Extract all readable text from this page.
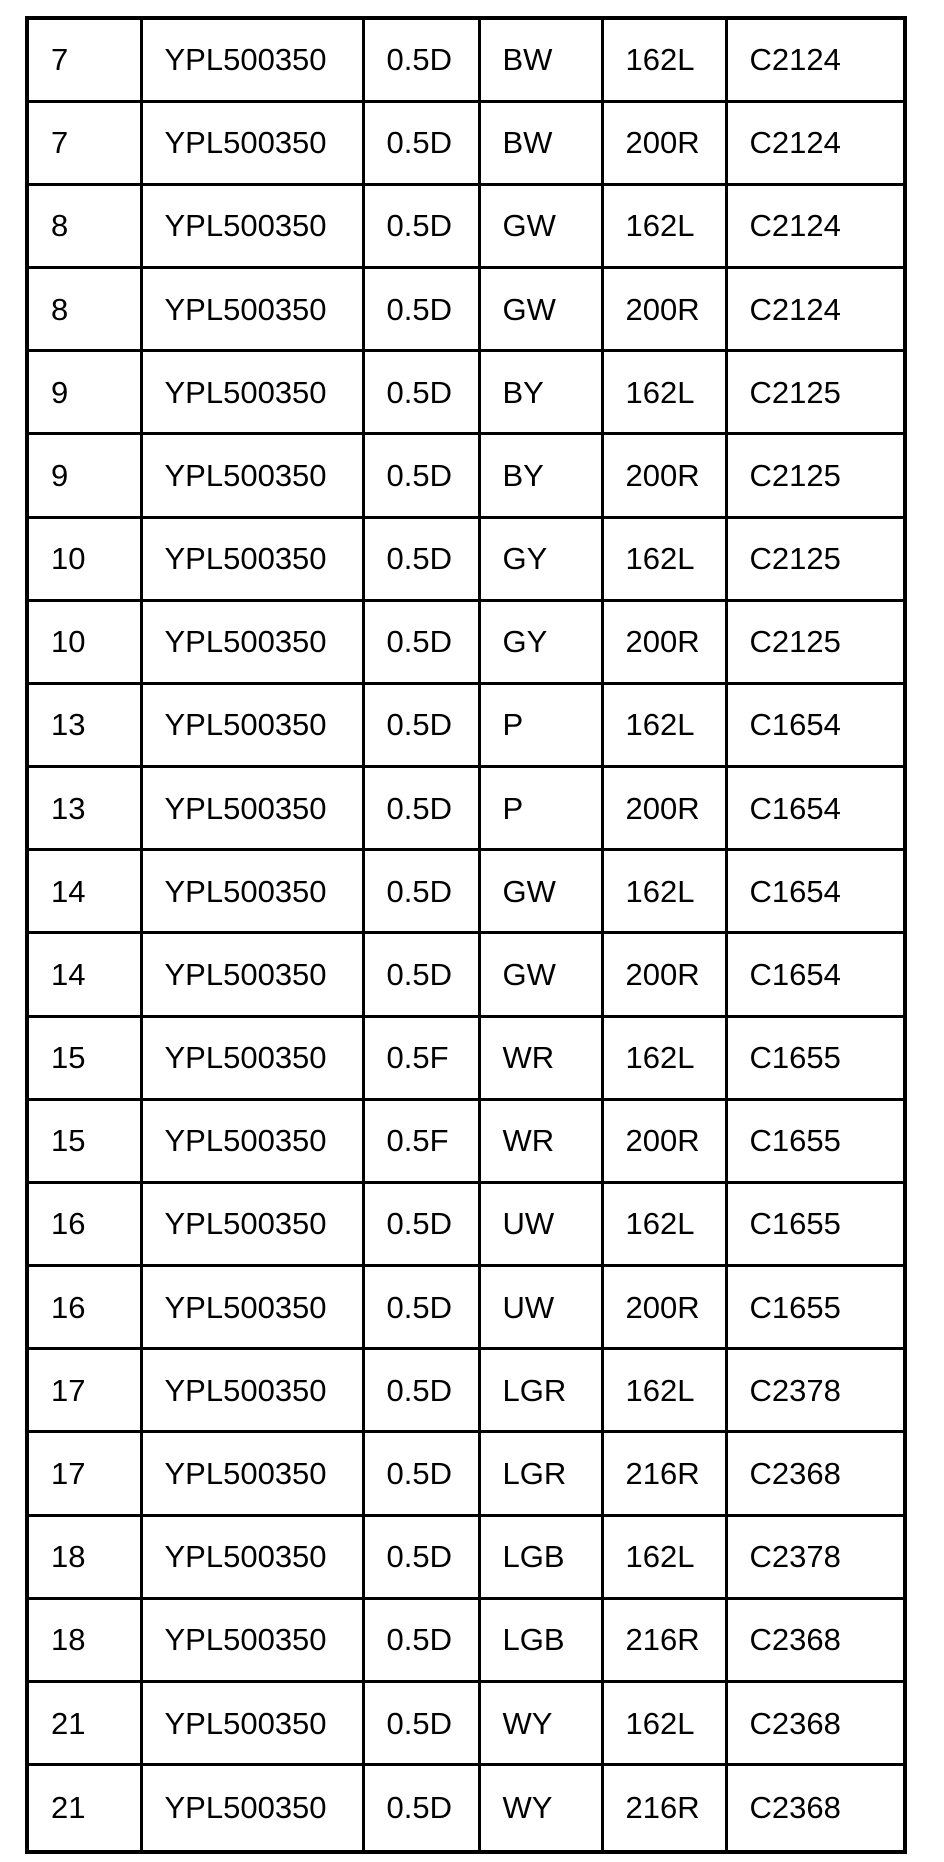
7	YPL500350	0.5D	BW	162L	C2124
7	YPL500350	0.5D	BW	200R	C2124
8	YPL500350	0.5D	GW	162L	C2124
8	YPL500350	0.5D	GW	200R	C2124
9	YPL500350	0.5D	BY	162L	C2125
9	YPL500350	0.5D	BY	200R	C2125
10	YPL500350	0.5D	GY	162L	C2125
10	YPL500350	0.5D	GY	200R	C2125
13	YPL500350	0.5D	P	162L	C1654
13	YPL500350	0.5D	P	200R	C1654
14	YPL500350	0.5D	GW	162L	C1654
14	YPL500350	0.5D	GW	200R	C1654
15	YPL500350	0.5F	WR	162L	C1655
15	YPL500350	0.5F	WR	200R	C1655
16	YPL500350	0.5D	UW	162L	C1655
16	YPL500350	0.5D	UW	200R	C1655
17	YPL500350	0.5D	LGR	162L	C2378
17	YPL500350	0.5D	LGR	216R	C2368
18	YPL500350	0.5D	LGB	162L	C2378
18	YPL500350	0.5D	LGB	216R	C2368
21	YPL500350	0.5D	WY	162L	C2368
21	YPL500350	0.5D	WY	216R	C2368
